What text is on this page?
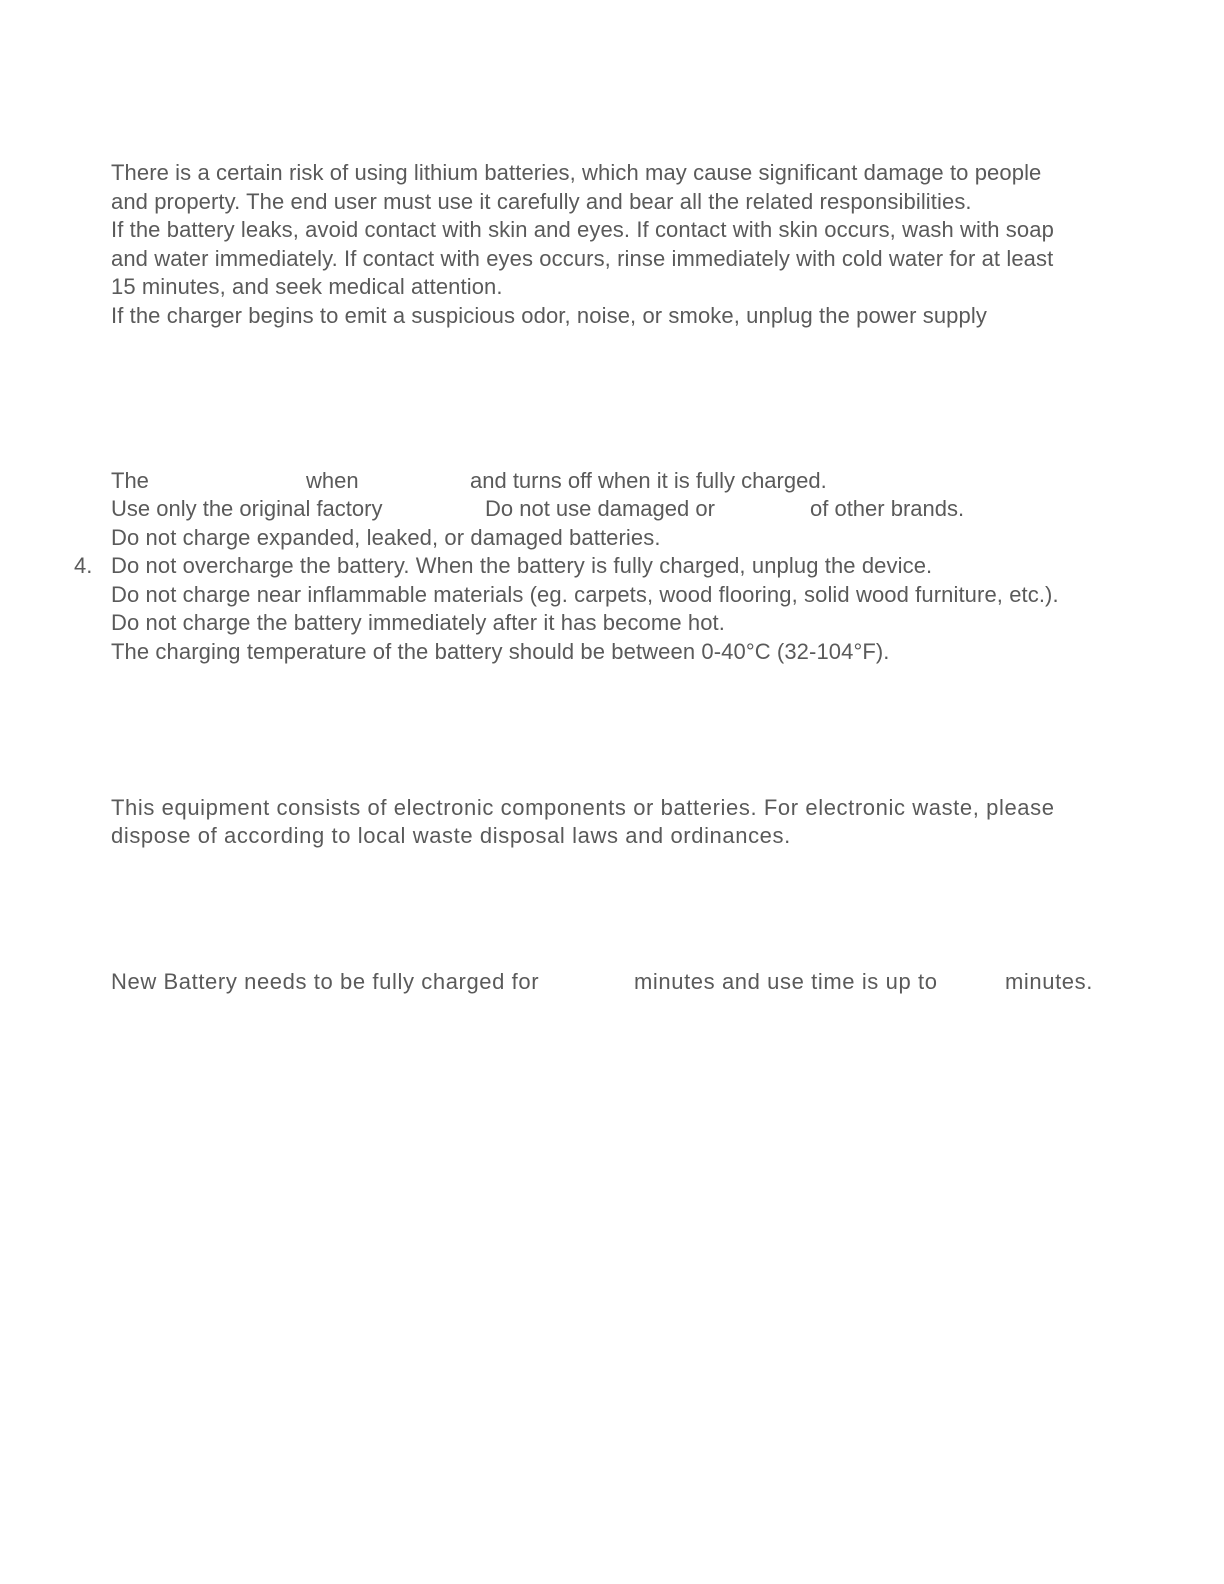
There is a certain risk of using lithium batteries, which may cause significant damage to people
and property. The end user must use it carefully and bear all the related responsibilities.
If the battery leaks, avoid contact with skin and eyes. If contact with skin occurs, wash with soap
and water immediately. If contact with eyes occurs, rinse immediately with cold water for at least
15 minutes, and seek medical attention.
If the charger begins to emit a suspicious odor, noise, or smoke, unplug the power supply
The	when	and turns off when it is fully charged.
Use only the original factory	Do not use damaged or	of other brands.
Do not charge expanded, leaked, or damaged batteries.
4. Do not overcharge the battery. When the battery is fully charged, unplug the device.
Do not charge near inflammable materials (eg. carpets, wood flooring, solid wood furniture, etc.).
Do not charge the battery immediately after it has become hot.
The charging temperature of the battery should be between 0-40°C (32-104°F).
This equipment consists of electronic components or batteries. For electronic waste, please
dispose of according to local waste disposal laws and ordinances.
New Battery needs to be fully charged for	minutes and use time is up to	minutes.
